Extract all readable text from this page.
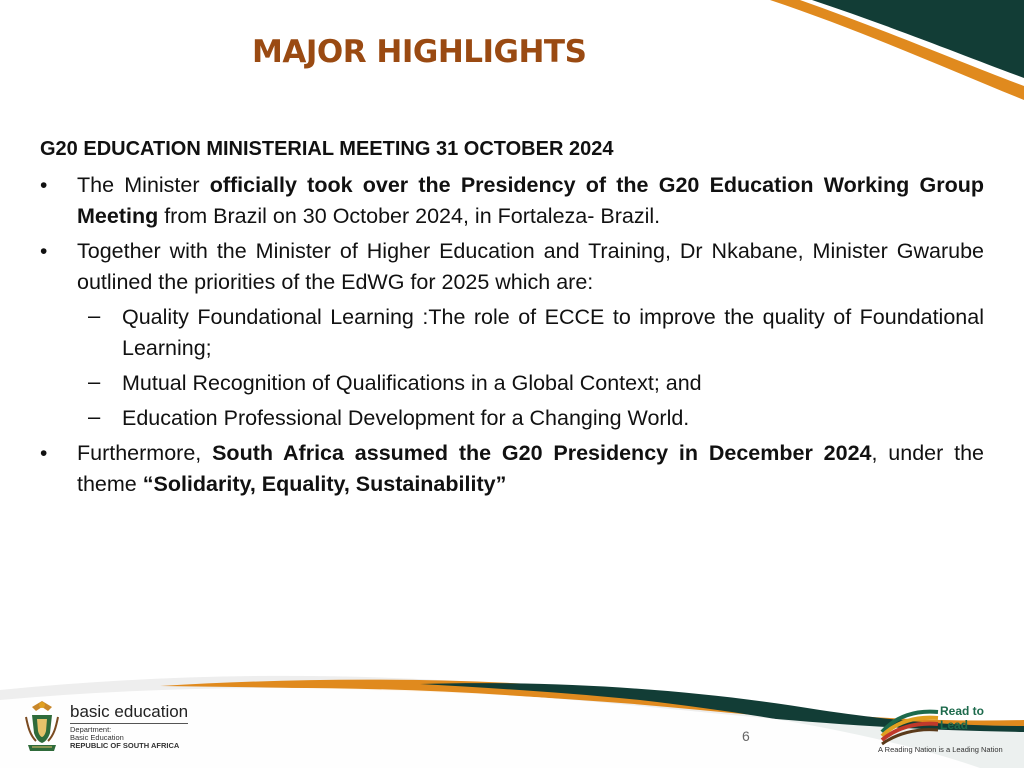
MAJOR HIGHLIGHTS
G20 EDUCATION MINISTERIAL MEETING 31 OCTOBER 2024
• The Minister officially took over the Presidency of the G20 Education Working Group Meeting from Brazil on 30 October 2024, in Fortaleza- Brazil.
• Together with the Minister of Higher Education and Training, Dr Nkabane, Minister Gwarube outlined the priorities of the EdWG for 2025 which are:
– Quality Foundational Learning :The role of ECCE to improve the quality of Foundational Learning;
– Mutual Recognition of Qualifications in a Global Context; and
– Education Professional Development for a Changing World.
• Furthermore, South Africa assumed the G20 Presidency in December 2024, under the theme “Solidarity, Equality, Sustainability”
6
basic education
Department:
Basic Education
REPUBLIC OF SOUTH AFRICA
Read to Lead
A Reading Nation is a Leading Nation
